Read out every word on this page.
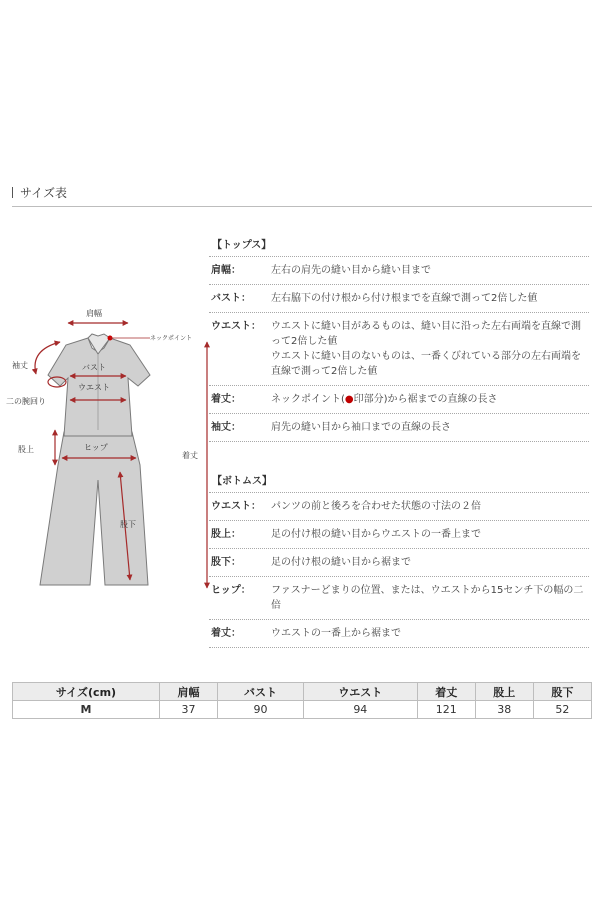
サイズ表
肩幅
ネックポイント
袖丈	バスト
ウエスト
二の腕回り
着丈
股上	ヒップ
股下
【トップス】
肩幅：	左右の肩先の縫い目から縫い目まで
バスト：	左右脇下の付け根から付け根までを直線で測って2倍した値
ウエスト：	ウエストに縫い目があるものは、縫い目に沿った左右両端を直線で測って2倍した値
ウエストに縫い目のないものは、一番くびれている部分の左右両端を直線で測って2倍した値
着丈：	ネックポイント(●印部分)から裾までの直線の長さ
袖丈：	肩先の縫い目から袖口までの直線の長さ
【ボトムス】
ウエスト：	パンツの前と後ろを合わせた状態の寸法の２倍
股上：	足の付け根の縫い目からウエストの一番上まで
股下：	足の付け根の縫い目から裾まで
ヒップ：	ファスナーどまりの位置、または、ウエストから15センチ下の幅の二倍
着丈：	ウエストの一番上から裾まで
サイズ(cm)	肩幅	バスト	ウエスト	着丈	股上	股下
M	37	90	94	121	38	52
